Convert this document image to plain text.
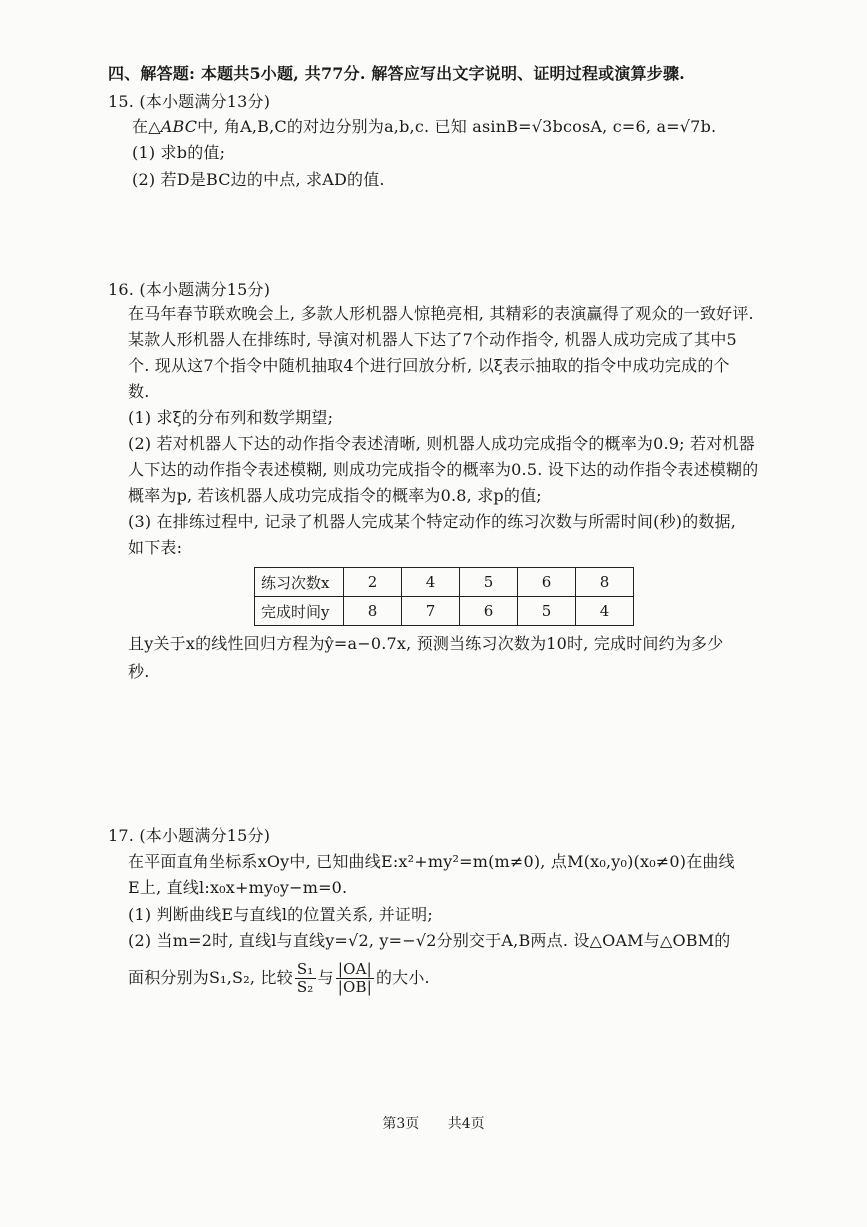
四、解答题: 本题共5小题, 共77分. 解答应写出文字说明、证明过程或演算步骤.
15. (本小题满分13分)
在△ABC中, 角A,B,C的对边分别为a,b,c. 已知 asinB=√3bcosA, c=6, a=√7b.
(1) 求b的值;
(2) 若D是BC边的中点, 求AD的值.
16. (本小题满分15分)
在马年春节联欢晚会上, 多款人形机器人惊艳亮相, 其精彩的表演赢得了观众的一致好评.
某款人形机器人在排练时, 导演对机器人下达了7个动作指令, 机器人成功完成了其中5
个. 现从这7个指令中随机抽取4个进行回放分析, 以ξ表示抽取的指令中成功完成的个
数.
(1) 求ξ的分布列和数学期望;
(2) 若对机器人下达的动作指令表述清晰, 则机器人成功完成指令的概率为0.9; 若对机器
人下达的动作指令表述模糊, 则成功完成指令的概率为0.5. 设下达的动作指令表述模糊的
概率为p, 若该机器人成功完成指令的概率为0.8, 求p的值;
(3) 在排练过程中, 记录了机器人完成某个特定动作的练习次数与所需时间(秒)的数据,
如下表:
练习次数x	2	4	5	6	8
完成时间y	8	7	6	5	4
且y关于x的线性回归方程为ŷ=a−0.7x, 预测当练习次数为10时, 完成时间约为多少
秒.
17. (本小题满分15分)
在平面直角坐标系xOy中, 已知曲线E:x²+my²=m(m≠0), 点M(x₀,y₀)(x₀≠0)在曲线
E上, 直线l:x₀x+my₀y−m=0.
(1) 判断曲线E与直线l的位置关系, 并证明;
(2) 当m=2时, 直线l与直线y=√2, y=−√2分别交于A,B两点. 设△OAM与△OBM的
面积分别为S₁,S₂, 比较 $\frac{\text{S₁}}{\text{S₂}}$ 与 $\frac{|OA|}{|OB|}$ 的大小.
第3页 共4页
